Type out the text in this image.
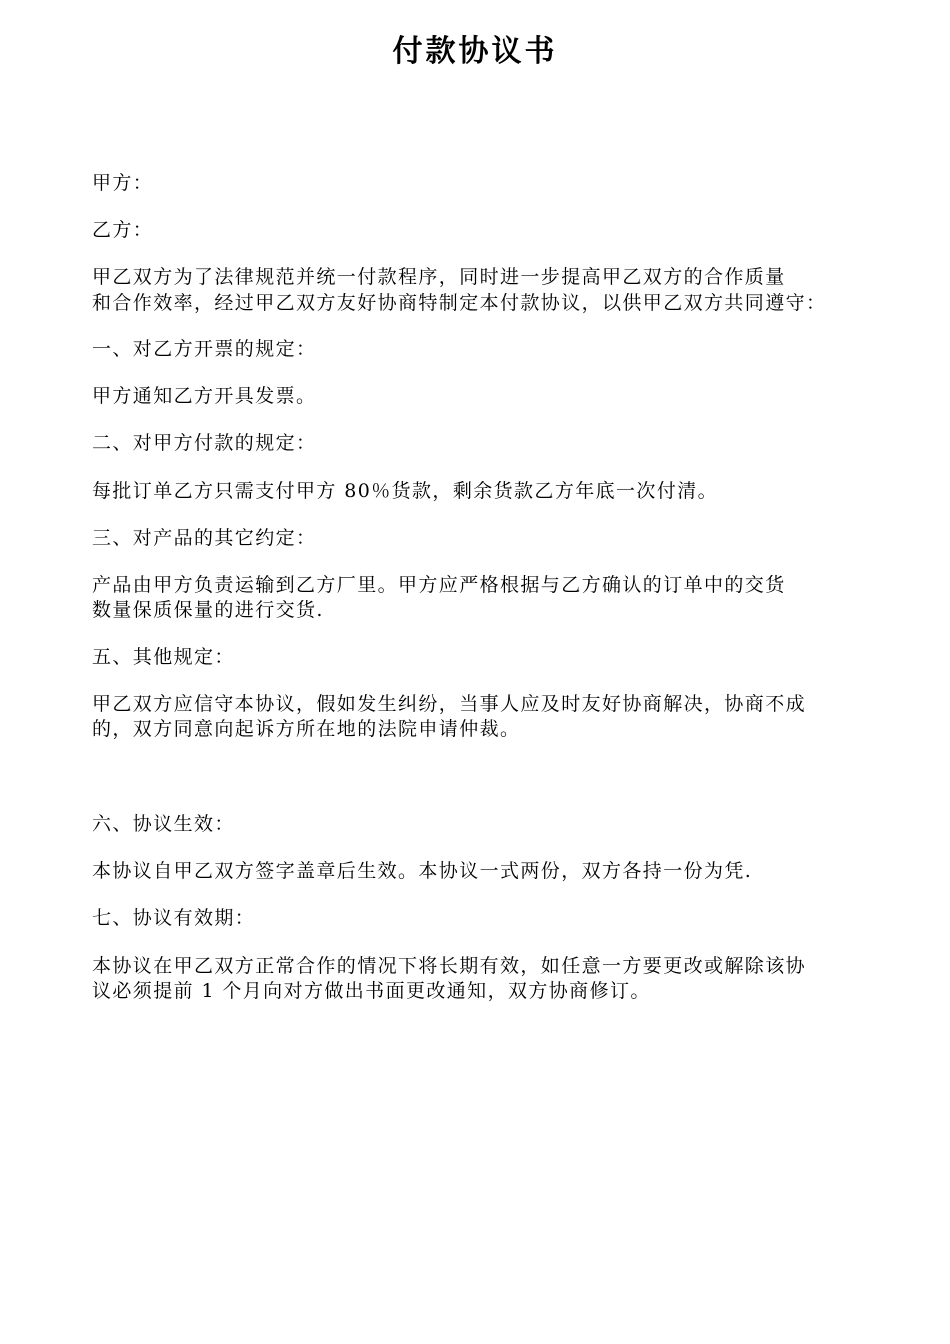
付款协议书

甲方：

乙方：

甲乙双方为了法律规范并统一付款程序，同时进一步提高甲乙双方的合作质量

和合作效率，经过甲乙双方友好协商特制定本付款协议，以供甲乙双方共同遵守：

一、对乙方开票的规定：

甲方通知乙方开具发票。

二、对甲方付款的规定：

每批订单乙方只需支付甲方 80％货款，剩余货款乙方年底一次付清。

三、对产品的其它约定：

产品由甲方负责运输到乙方厂里。甲方应严格根据与乙方确认的订单中的交货

数量保质保量的进行交货.

五、其他规定：

甲乙双方应信守本协议，假如发生纠纷，当事人应及时友好协商解决，协商不成

的，双方同意向起诉方所在地的法院申请仲裁。

六、协议生效：

本协议自甲乙双方签字盖章后生效。本协议一式两份，双方各持一份为凭.

七、协议有效期：

本协议在甲乙双方正常合作的情况下将长期有效，如任意一方要更改或解除该协

议必须提前 1 个月向对方做出书面更改通知，双方协商修订。
